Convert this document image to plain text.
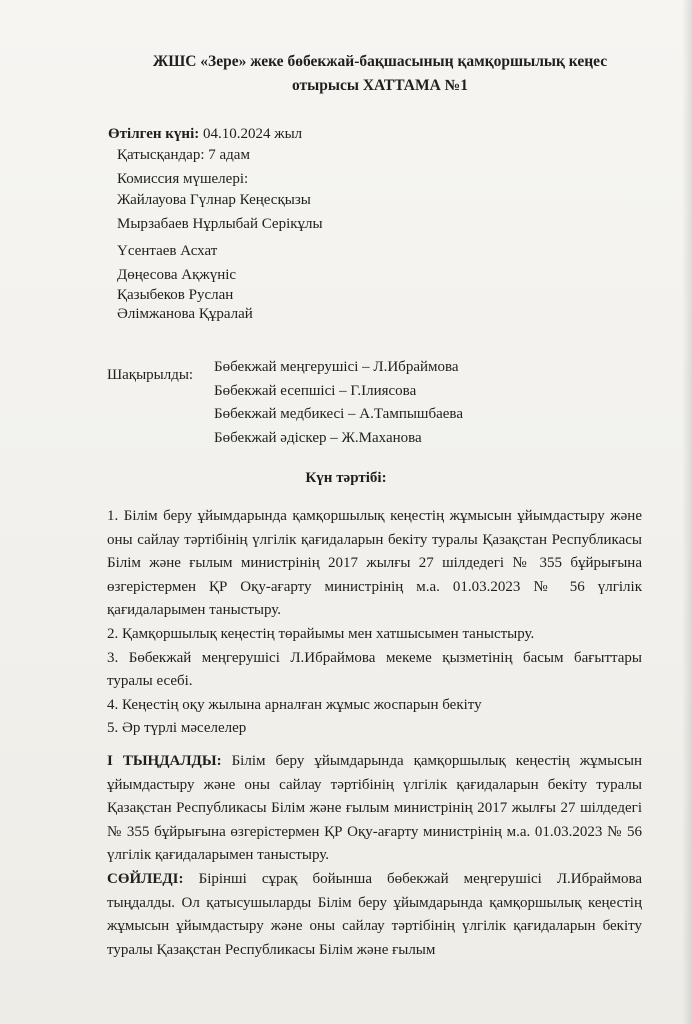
ЖШС «Зере» жеке бөбекжай-бақшасының қамқоршылық кеңес
отырысы ХАТТАМА №1
Өтілген күні: 04.10.2024 жыл
Қатысқандар: 7 адам
Комиссия мүшелері:
Жайлауова Гүлнар Кеңесқызы
Мырзабаев Нұрлыбай Серікұлы
Үсентаев Асхат
Дөңесова Ақжүніс
Қазыбеков Руслан
Әлімжанова Құралай
Шақырылды: Бөбекжай меңгерушісі – Л.Ибраймова
Бөбекжай есепшісі – Г.Ілиясова
Бөбекжай медбикесі – А.Тампышбаева
Бөбекжай әдіскер – Ж.Маханова
Күн тәртібі:

1. Білім беру ұйымдарында қамқоршылық кеңестің жұмысын ұйымдастыру және оны сайлау тәртібінің үлгілік қағидаларын бекіту туралы Қазақстан Республикасы Білім және ғылым министрінің 2017 жылғы 27 шілдедегі № 355 бұйрығына өзгерістермен ҚР Оқу-ағарту министрінің м.а. 01.03.2023 № 56 үлгілік қағидаларымен таныстыру.

2. Қамқоршылық кеңестің төрайымы мен хатшысымен таныстыру.

3. Бөбекжай меңгерушісі Л.Ибраймова мекеме қызметінің басым бағыттары туралы есебі.

4. Кеңестің оқу жылына арналған жұмыс жоспарын бекіту

5. Әр түрлі мәселелер

I ТЫҢДАЛДЫ: Білім беру ұйымдарында қамқоршылық кеңестің жұмысын ұйымдастыру және оны сайлау тәртібінің үлгілік қағидаларын бекіту туралы Қазақстан Республикасы Білім және ғылым министрінің 2017 жылғы 27 шілдедегі № 355 бұйрығына өзгерістермен ҚР Оқу-ағарту министрінің м.а. 01.03.2023 № 56 үлгілік қағидаларымен таныстыру.

СӨЙЛЕДІ: Бірінші сұрақ бойынша бөбекжай меңгерушісі Л.Ибраймова тыңдалды. Ол қатысушыларды Білім беру ұйымдарында қамқоршылық кеңестің жұмысын ұйымдастыру және оны сайлау тәртібінің үлгілік қағидаларын бекіту туралы Қазақстан Республикасы Білім және ғылым
